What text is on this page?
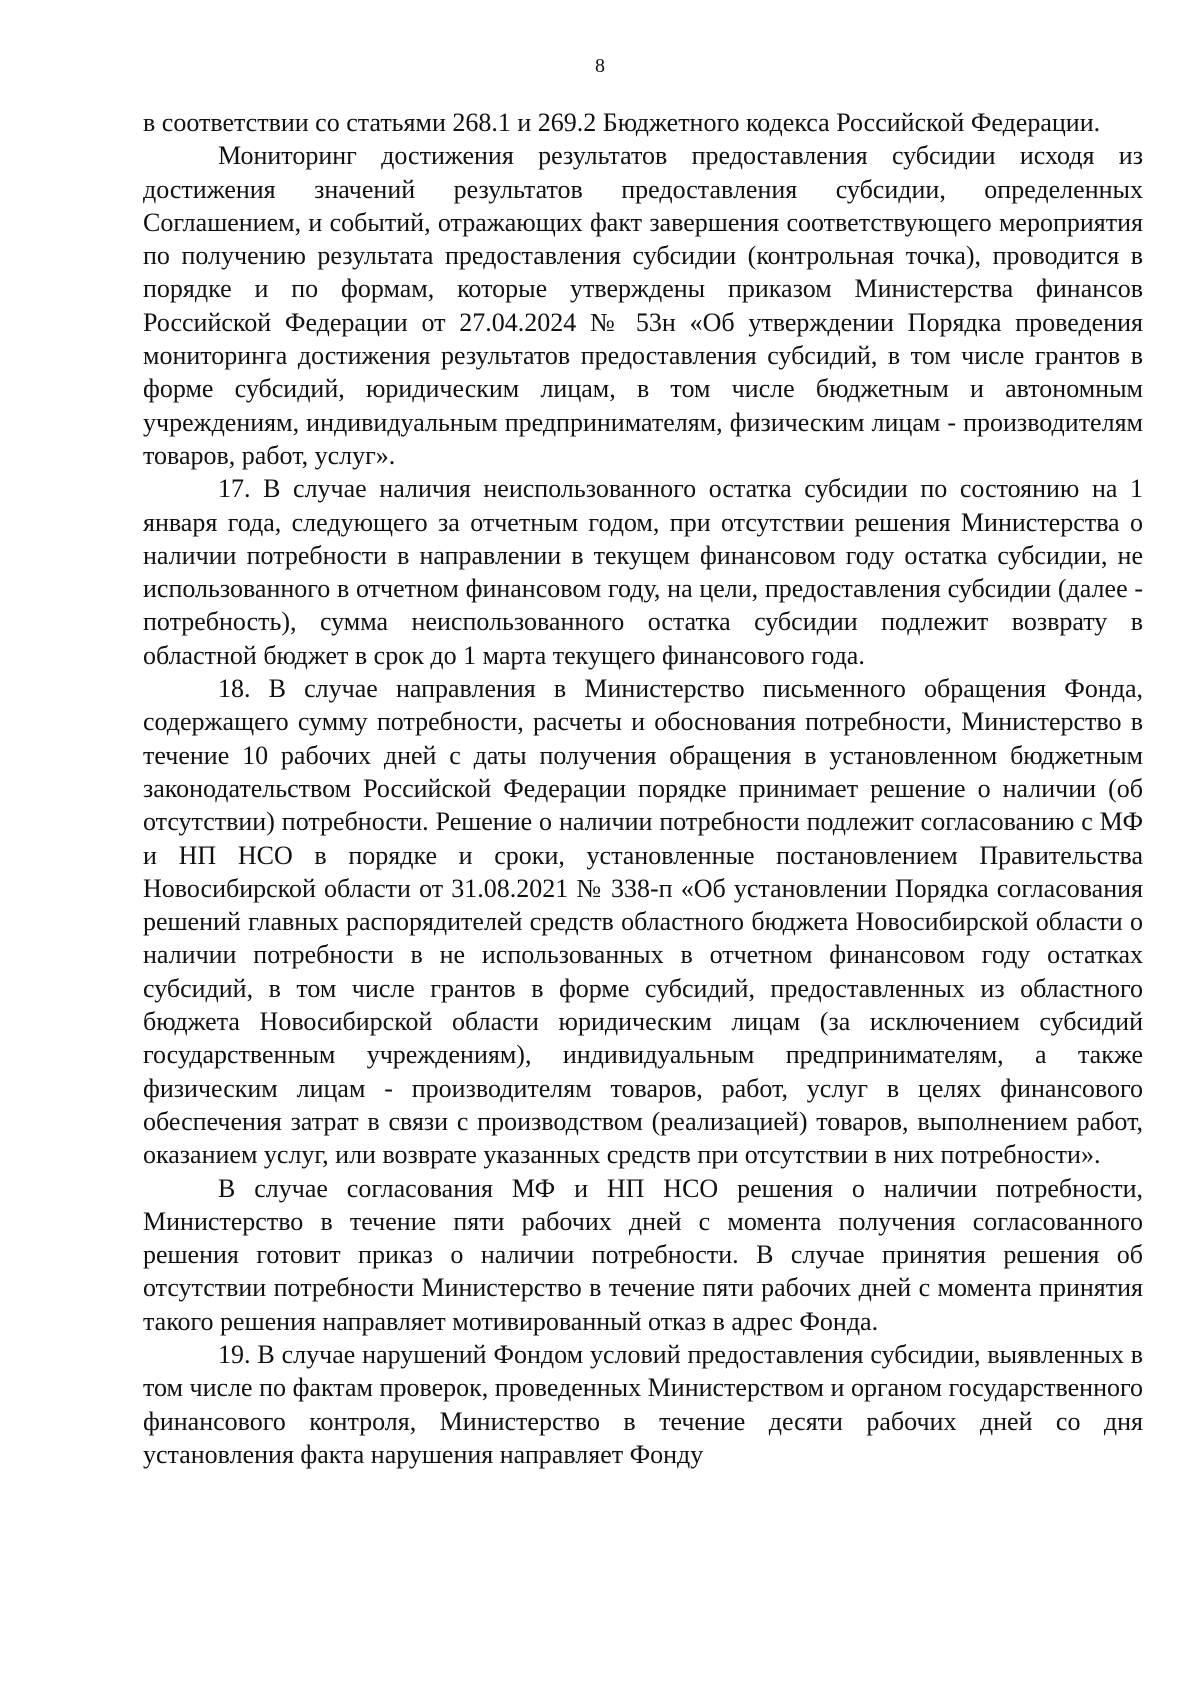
8

в соответствии со статьями 268.1 и 269.2 Бюджетного кодекса Российской Федерации.

Мониторинг достижения результатов предоставления субсидии исходя из достижения значений результатов предоставления субсидии, определенных Соглашением, и событий, отражающих факт завершения соответствующего мероприятия по получению результата предоставления субсидии (контрольная точка), проводится в порядке и по формам, которые утверждены приказом Министерства финансов Российской Федерации от 27.04.2024 № 53н «Об утверждении Порядка проведения мониторинга достижения результатов предоставления субсидий, в том числе грантов в форме субсидий, юридическим лицам, в том числе бюджетным и автономным учреждениям, индивидуальным предпринимателям, физическим лицам - производителям товаров, работ, услуг».

17. В случае наличия неиспользованного остатка субсидии по состоянию на 1 января года, следующего за отчетным годом, при отсутствии решения Министерства о наличии потребности в направлении в текущем финансовом году остатка субсидии, не использованного в отчетном финансовом году, на цели, предоставления субсидии (далее - потребность), сумма неиспользованного остатка субсидии подлежит возврату в областной бюджет в срок до 1 марта текущего финансового года.

18. В случае направления в Министерство письменного обращения Фонда, содержащего сумму потребности, расчеты и обоснования потребности, Министерство в течение 10 рабочих дней с даты получения обращения в установленном бюджетным законодательством Российской Федерации порядке принимает решение о наличии (об отсутствии) потребности. Решение о наличии потребности подлежит согласованию с МФ и НП НСО в порядке и сроки, установленные постановлением Правительства Новосибирской области от 31.08.2021 № 338-п «Об установлении Порядка согласования решений главных распорядителей средств областного бюджета Новосибирской области о наличии потребности в не использованных в отчетном финансовом году остатках субсидий, в том числе грантов в форме субсидий, предоставленных из областного бюджета Новосибирской области юридическим лицам (за исключением субсидий государственным учреждениям), индивидуальным предпринимателям, а также физическим лицам - производителям товаров, работ, услуг в целях финансового обеспечения затрат в связи с производством (реализацией) товаров, выполнением работ, оказанием услуг, или возврате указанных средств при отсутствии в них потребности».

В случае согласования МФ и НП НСО решения о наличии потребности, Министерство в течение пяти рабочих дней с момента получения согласованного решения готовит приказ о наличии потребности. В случае принятия решения об отсутствии потребности Министерство в течение пяти рабочих дней с момента принятия такого решения направляет мотивированный отказ в адрес Фонда.

19. В случае нарушений Фондом условий предоставления субсидии, выявленных в том числе по фактам проверок, проведенных Министерством и органом государственного финансового контроля, Министерство в течение десяти рабочих дней со дня установления факта нарушения направляет Фонду
